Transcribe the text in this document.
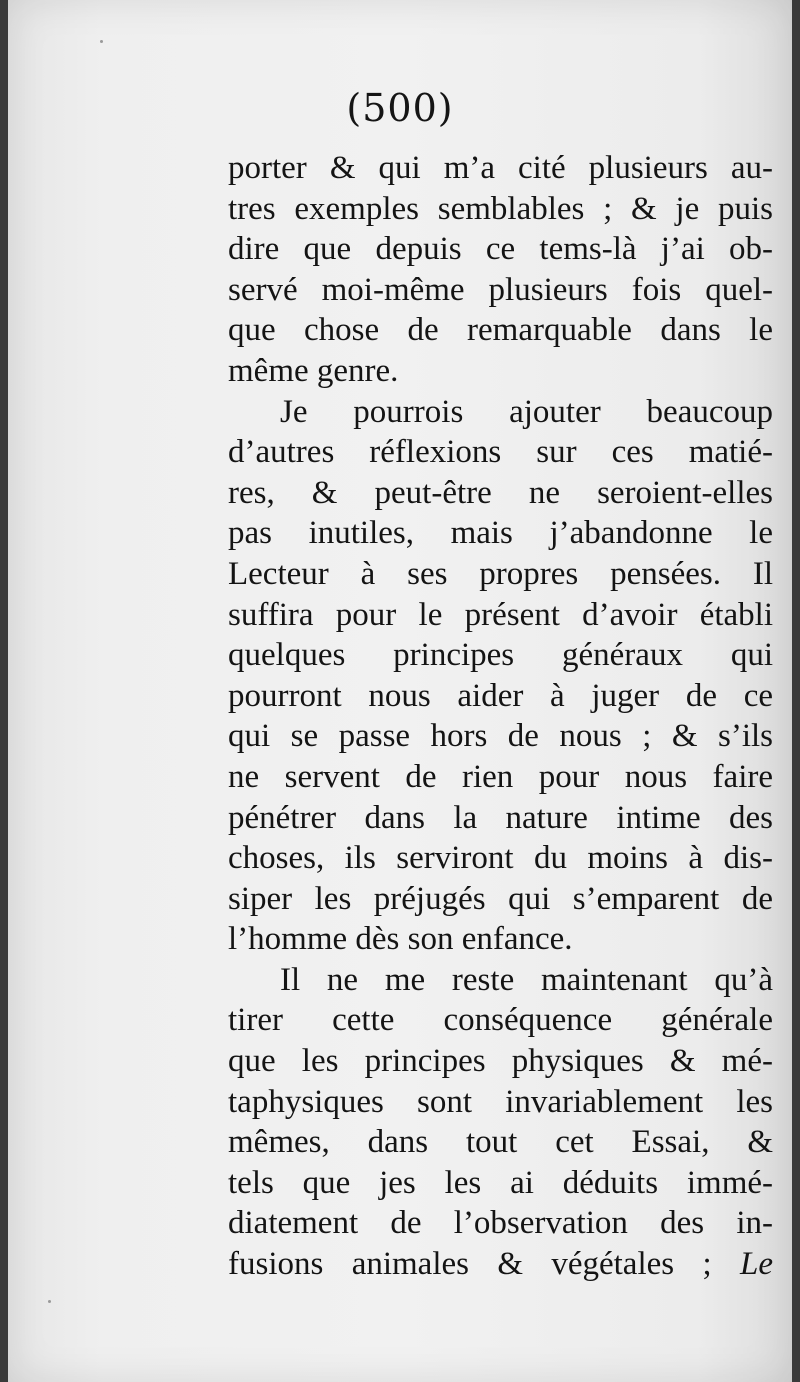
(500)
porter & qui m’a cité plusieurs au-
tres exemples semblables ; & je puis
dire que depuis ce tems-là j’ai ob-
servé moi-même plusieurs fois quel-
que chose de remarquable dans le
même genre.
Je pourrois ajouter beaucoup
d’autres réflexions sur ces matié-
res, & peut-être ne seroient-elles
pas inutiles, mais j’abandonne le
Lecteur à ses propres pensées. Il
suffira pour le présent d’avoir établi
quelques principes généraux qui
pourront nous aider à juger de ce
qui se passe hors de nous ; & s’ils
ne servent de rien pour nous faire
pénétrer dans la nature intime des
choses, ils serviront du moins à dis-
siper les préjugés qui s’emparent de
l’homme dès son enfance.
Il ne me reste maintenant qu’à
tirer cette conséquence générale
que les principes physiques & mé-
taphysiques sont invariablement les
mêmes, dans tout cet Essai, &
tels que jes les ai déduits immé-
diatement de l’observation des in-
fusions animales & végétales ; Le
